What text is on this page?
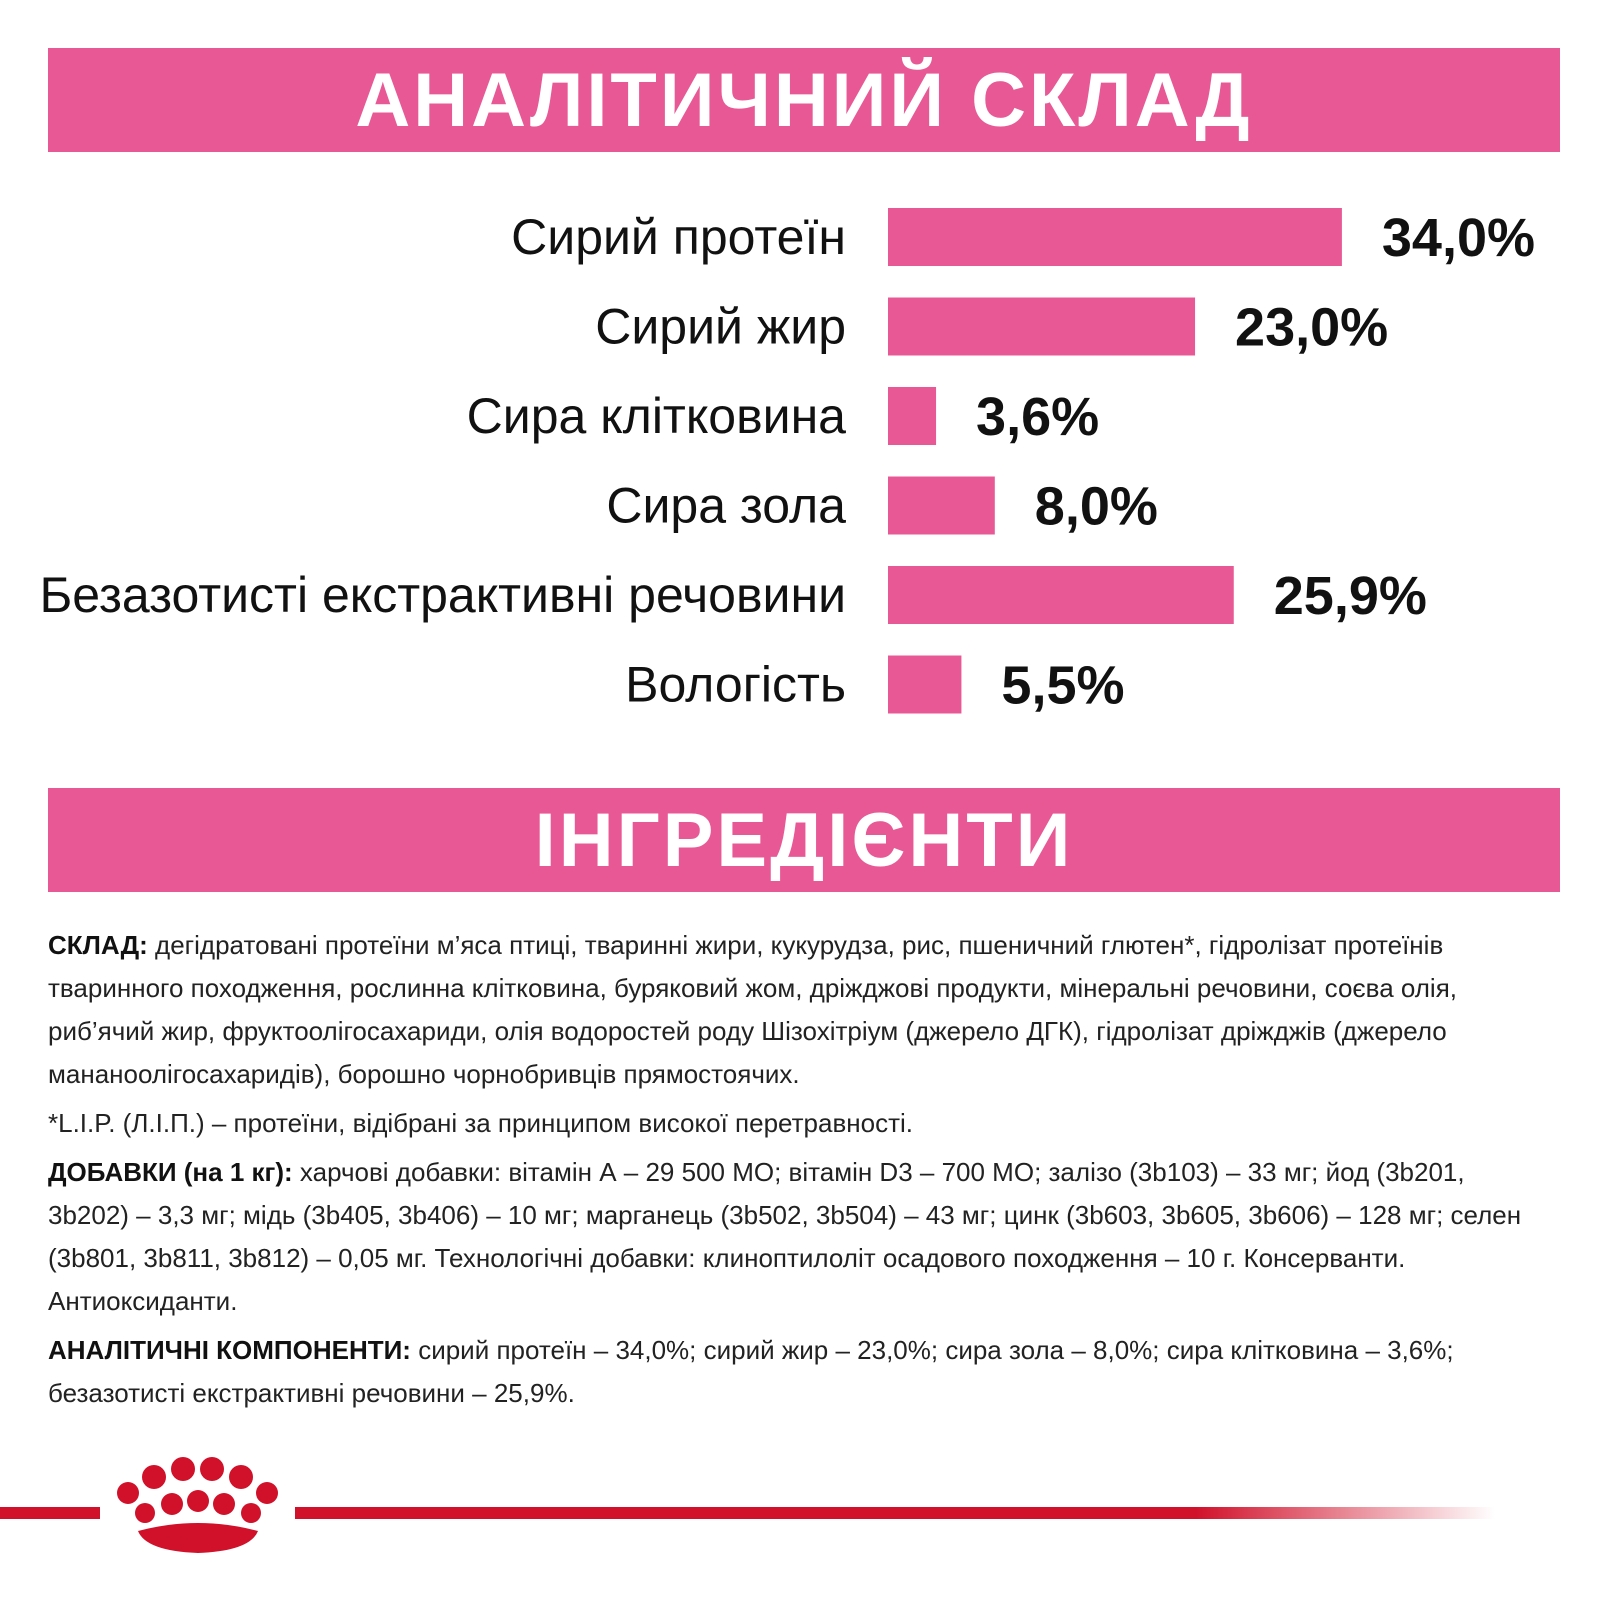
АНАЛІТИЧНИЙ СКЛАД
Сирий протеїн	34,0%
Сирий жир	23,0%
Сира клітковина 3,6%
Сира зола	8,0%
Безазотисті екстрактивні речовини	25,9%
Вологість	5,5%
ІНГРЕДІЄНТИ

СКЛАД: дегідратовані протеїни м’яса птиці, тваринні жири, кукурудза, рис, пшеничний глютен*, гідролізат протеїнів тваринного походження, рослинна клітковина, буряковий жом, дріжджові продукти, мінеральні речовини, соєва олія, риб’ячий жир, фруктоолігосахариди, олія водоростей роду Шізохітріум (джерело ДГК), гідролізат дріжджів (джерело мананоолігосахаридів), борошно чорнобривців прямостоячих.

*L.I.P. (Л.І.П.) – протеїни, відібрані за принципом високої перетравності.

ДОБАВКИ (на 1 кг): харчові добавки: вітамін А – 29 500 МО; вітамін D3 – 700 МО; залізо (3b103) – 33 мг; йод (3b201, 3b202) – 3,3 мг; мідь (3b405, 3b406) – 10 мг; марганець (3b502, 3b504) – 43 мг; цинк (3b603, 3b605, 3b606) – 128 мг; селен (3b801, 3b811, 3b812) – 0,05 мг. Технологічні добавки: клиноптилоліт осадового походження – 10 г. Консерванти. Антиоксиданти.

АНАЛІТИЧНІ КОМПОНЕНТИ: сирий протеїн – 34,0%; сирий жир – 23,0%; сира зола – 8,0%; сира клітковина – 3,6%; безазотисті екстрактивні речовини – 25,9%.
